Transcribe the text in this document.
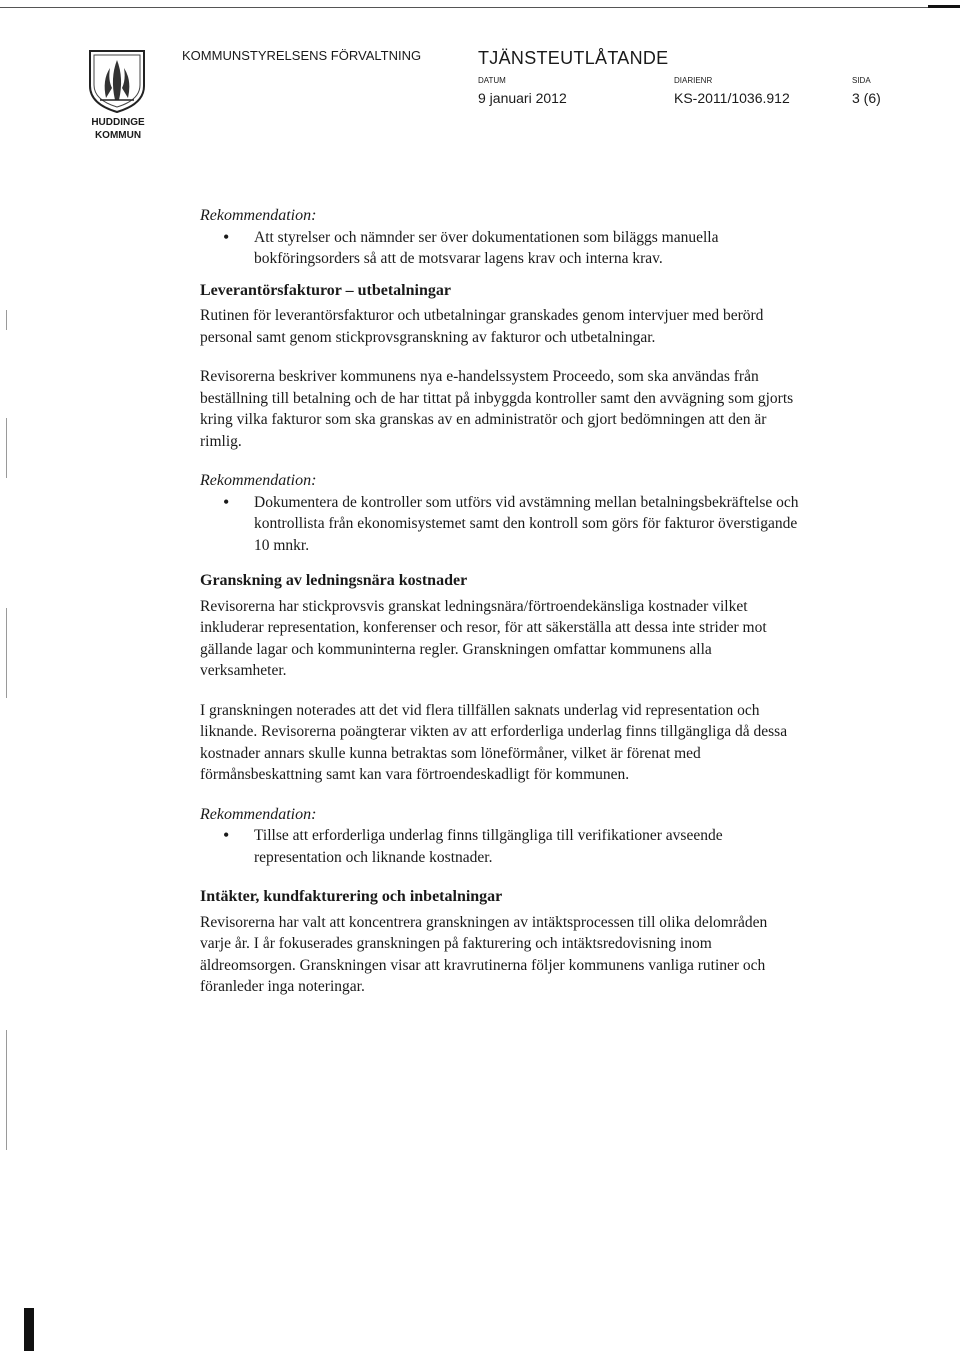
HUDDINGE
KOMMUN
KOMMUNSTYRELSENS FÖRVALTNING	TJÄNSTEUTLÅTANDE
DATUM
9 januari 2012
DIARIENR
KS-2011/1036.912
SIDA
3 (6)

Rekommendation:

• Att styrelser och nämnder ser över dokumentationen som biläggs manuella bokföringsorders så att de motsvarar lagens krav och interna krav.
Leverantörsfakturor – utbetalningar

Rutinen för leverantörsfakturor och utbetalningar granskades genom intervjuer med berörd personal samt genom stickprovsgranskning av fakturor och utbetalningar.

Revisorerna beskriver kommunens nya e-handelssystem Proceedo, som ska användas från beställning till betalning och de har tittat på inbyggda kontroller samt den avvägning som gjorts kring vilka fakturor som ska granskas av en administratör och gjort bedömningen att den är rimlig.

Rekommendation:

• Dokumentera de kontroller som utförs vid avstämning mellan betalningsbekräftelse och kontrollista från ekonomisystemet samt den kontroll som görs för fakturor överstigande 10 mnkr.
Granskning av ledningsnära kostnader

Revisorerna har stickprovsvis granskat ledningsnära/förtroendekänsliga kostnader vilket inkluderar representation, konferenser och resor, för att säkerställa att dessa inte strider mot gällande lagar och kommuninterna regler. Granskningen omfattar kommunens alla verksamheter.

I granskningen noterades att det vid flera tillfällen saknats underlag vid representation och liknande. Revisorerna poängterar vikten av att erforderliga underlag finns tillgängliga då dessa kostnader annars skulle kunna betraktas som löneförmåner, vilket är förenat med förmånsbeskattning samt kan vara förtroendeskadligt för kommunen.

Rekommendation:

• Tillse att erforderliga underlag finns tillgängliga till verifikationer avseende representation och liknande kostnader.
Intäkter, kundfakturering och inbetalningar

Revisorerna har valt att koncentrera granskningen av intäktsprocessen till olika delområden varje år. I år fokuserades granskningen på fakturering och intäktsredovisning inom äldreomsorgen. Granskningen visar att kravrutinerna följer kommunens vanliga rutiner och föranleder inga noteringar.
